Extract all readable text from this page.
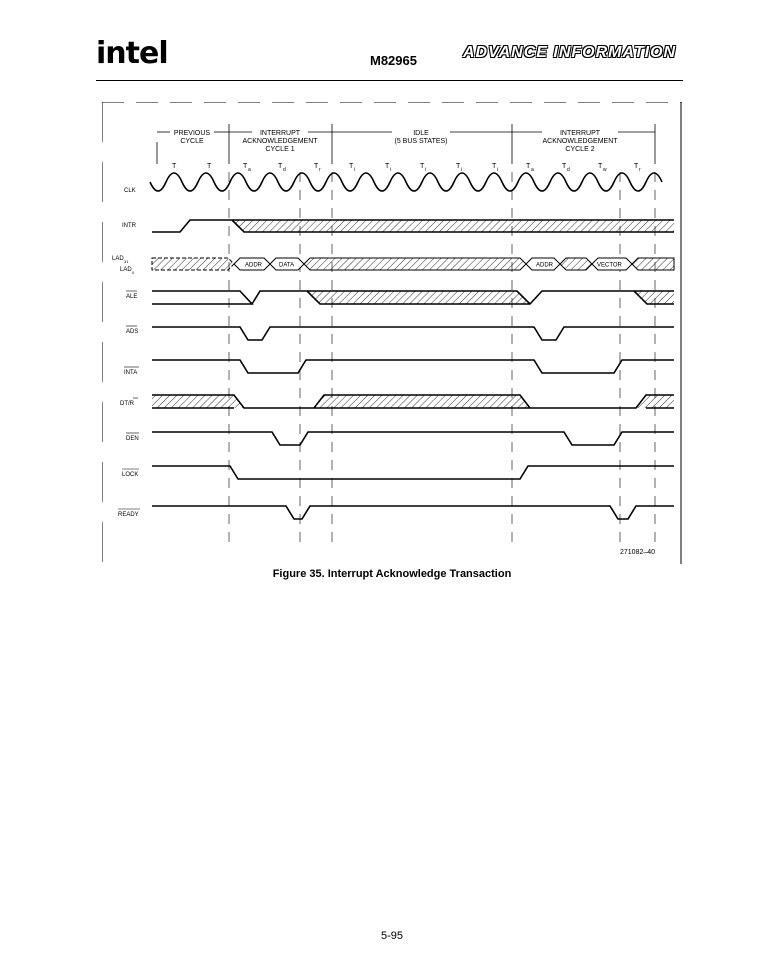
intel	M82965	ADVANCE INFORMATION
PREVIOUS
CYCLE
INTERRUPT
ACKNOWLEDGEMENT
CYCLE 1
IDLE
(5 BUS STATES)
INTERRUPT
ACKNOWLEDGEMENT
CYCLE 2
T	T	T a	T d	T r	T i	T i	T i	T i	T i	T a	T d	T w	T r
CLK
INTR
LAD 31
LAD 0
ALE
ADS
INTA
DT/R
DEN
LOCK
READY
ADDR	DATA	ADDR	VECTOR
271082–40
Figure 35. Interrupt Acknowledge Transaction
5-95
